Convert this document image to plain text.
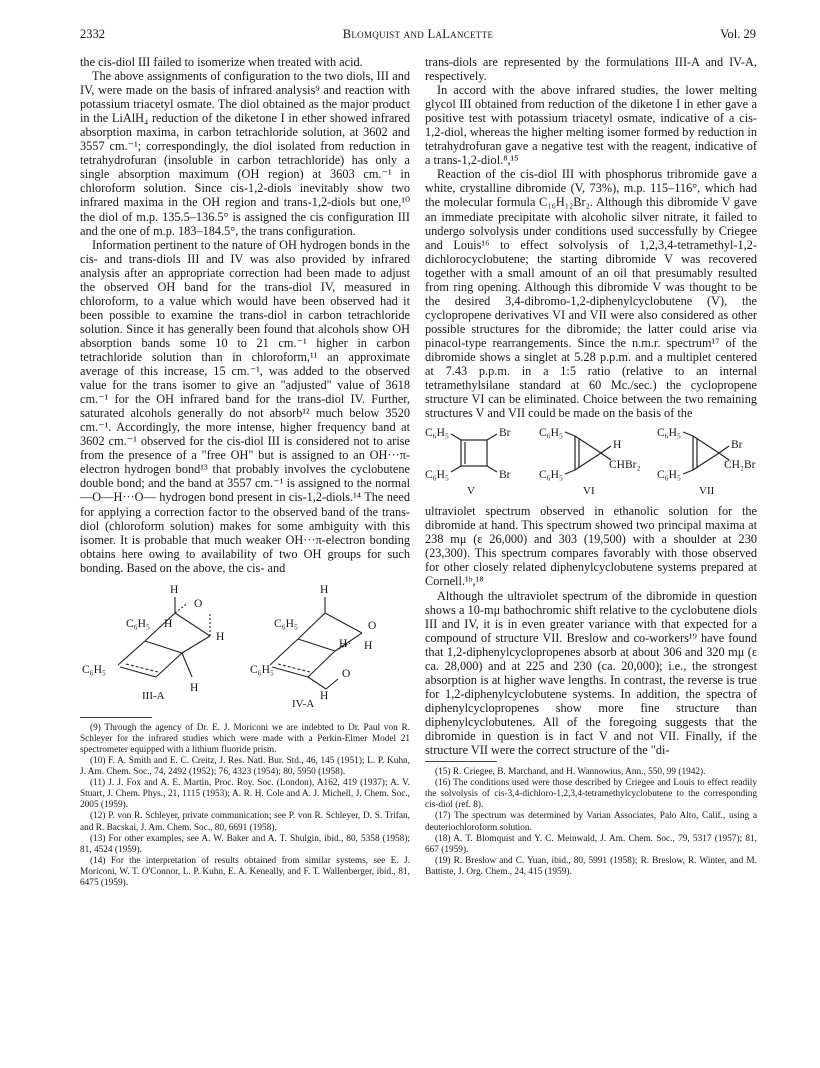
2332	Blomquist and LaLancette	Vol. 29

the cis-diol III failed to isomerize when treated with acid.

The above assignments of configuration to the two diols, III and IV, were made on the basis of infrared analysis⁹ and reaction with potassium triacetyl osmate. The diol obtained as the major product in the LiAlH₄ reduction of the diketone I in ether showed infrared absorption maxima, in carbon tetrachloride solution, at 3602 and 3557 cm.⁻¹; correspondingly, the diol isolated from reduction in tetrahydrofuran (insoluble in carbon tetrachloride) has only a single absorption maximum (OH region) at 3603 cm.⁻¹ in chloroform solution. Since cis-1,2-diols inevitably show two infrared maxima in the OH region and trans-1,2-diols but one,¹⁰ the diol of m.p. 135.5–136.5° is assigned the cis configuration III and the one of m.p. 183–184.5°, the trans configuration.

Information pertinent to the nature of OH hydrogen bonds in the cis- and trans-diols III and IV was also provided by infrared analysis after an appropriate correction had been made to adjust the observed OH band for the trans-diol IV, measured in chloroform, to a value which would have been observed had it been possible to examine the trans-diol in carbon tetrachloride solution. Since it has generally been found that alcohols show OH absorption bands some 10 to 21 cm.⁻¹ higher in carbon tetrachloride solution than in chloroform,¹¹ an approximate average of this increase, 15 cm.⁻¹, was added to the observed value for the trans isomer to give an "adjusted" value of 3618 cm.⁻¹ for the OH infrared band for the trans-diol IV. Further, saturated alcohols generally do not absorb¹² much below 3520 cm.⁻¹. Accordingly, the more intense, higher frequency band at 3602 cm.⁻¹ observed for the cis-diol III is considered not to arise from the presence of a "free OH" but is assigned to an OH···π-electron hydrogen bond¹³ that probably involves the cyclobutene double bond; and the band at 3557 cm.⁻¹ is assigned to the normal —O—H···O— hydrogen bond present in cis-1,2-diols.¹⁴ The need for applying a correction factor to the observed band of the trans-diol (chloroform solution) makes for some ambiguity with this isomer. It is probable that much weaker OH···π-electron bonding obtains here owing to availability of two OH groups for such bonding. Based on the above, the cis- and

H
C₆H₅ H
O
H
C₆H₅
H
III-A
H
C₆H₅	O
H H
C₆H₅	O
H
IV-A

(9) Through the agency of Dr. E. J. Moriconi we are indebted to Dr. Paul von R. Schleyer for the infrared studies which were made with a Perkin-Elmer Model 21 spectrometer equipped with a lithium fluoride prism.

(10) F. A. Smith and E. C. Creitz, J. Res. Natl. Bur. Std., 46, 145 (1951); L. P. Kuhn, J. Am. Chem. Soc., 74, 2492 (1952); 76, 4323 (1954); 80, 5950 (1958).

(11) J. J. Fox and A. E. Martin, Proc. Roy. Soc. (London), A162, 419 (1937); A. V. Stuart, J. Chem. Phys., 21, 1115 (1953); A. R. H. Cole and A. J. Michell, J. Chem. Soc., 2005 (1959).

(12) P. von R. Schleyer, private communication; see P. von R. Schleyer, D. S. Trifan, and R. Bacskai, J. Am. Chem. Soc., 80, 6691 (1958).

(13) For other examples, see A. W. Baker and A. T. Shulgin, ibid., 80, 5358 (1958); 81, 4524 (1959).

(14) For the interpretation of results obtained from similar systems, see E. J. Moriconi, W. T. O'Connor, L. P. Kuhn, E. A. Keneally, and F. T. Wallenberger, ibid., 81, 6475 (1959).

trans-diols are represented by the formulations III-A and IV-A, respectively.

In accord with the above infrared studies, the lower melting glycol III obtained from reduction of the diketone I in ether gave a positive test with potassium triacetyl osmate, indicative of a cis-1,2-diol, whereas the higher melting isomer formed by reduction in tetrahydrofuran gave a negative test with the reagent, indicative of a trans-1,2-diol.⁸,¹⁵

Reaction of the cis-diol III with phosphorus tribromide gave a white, crystalline dibromide (V, 73%), m.p. 115–116°, which had the molecular formula C₁₆H₁₂Br₂. Although this dibromide V gave an immediate precipitate with alcoholic silver nitrate, it failed to undergo solvolysis under conditions used successfully by Criegee and Louis¹⁶ to effect solvolysis of 1,2,3,4-tetramethyl-1,2-dichlorocyclobutene; the starting dibromide V was recovered together with a small amount of an oil that presumably resulted from ring opening. Although this dibromide V was thought to be the desired 3,4-dibromo-1,2-diphenylcyclobutene (V), the cyclopropene derivatives VI and VII were also considered as other possible structures for the dibromide; the latter could arise via pinacol-type rearrangements. Since the n.m.r. spectrum¹⁷ of the dibromide shows a singlet at 5.28 p.p.m. and a multiplet centered at 7.43 p.p.m. in a 1:5 ratio (relative to an internal tetramethylsilane standard at 60 Mc./sec.) the cyclopropene structure VI can be eliminated. Choice between the two remaining structures V and VII could be made on the basis of the

C₆H₅
C₆H₅
Br
Br
V
C₆H₅
C₆H₅
H
CHBr₂
VI
C₆H₅
C₆H₅
Br
CH₂Br
VII

ultraviolet spectrum observed in ethanolic solution for the dibromide at hand. This spectrum showed two principal maxima at 238 mμ (ε 26,000) and 303 (19,500) with a shoulder at 230 (23,300). This spectrum compares favorably with those observed for other closely related diphenylcyclobutene systems prepared at Cornell.¹ᵇ,¹⁸

Although the ultraviolet spectrum of the dibromide in question shows a 10-mμ bathochromic shift relative to the cyclobutene diols III and IV, it is in even greater variance with that expected for a compound of structure VII. Breslow and co-workers¹⁹ have found that 1,2-diphenylcyclopropenes absorb at about 306 and 320 mμ (ε ca. 28,000) and at 225 and 230 (ca. 20,000); i.e., the strongest absorption is at higher wave lengths. In contrast, the reverse is true for 1,2-diphenylcyclobutene systems. In addition, the spectra of diphenylcyclopropenes show more fine structure than diphenylcyclobutenes. All of the foregoing suggests that the dibromide in question is in fact V and not VII. Finally, if the structure VII were the correct structure of the "di-

(15) R. Criegee, B. Marchand, and H. Wannowius, Ann., 550, 99 (1942).

(16) The conditions used were those described by Criegee and Louis to effect readily the solvolysis of cis-3,4-dichloro-1,2,3,4-tetramethylcyclobutene to the corresponding cis-diol (ref. 8).

(17) The spectrum was determined by Varian Associates, Palo Alto, Calif., using a deuteriochloroform solution.

(18) A. T. Blomquist and Y. C. Meinwald, J. Am. Chem. Soc., 79, 5317 (1957); 81, 667 (1959).

(19) R. Breslow and C. Yuan, ibid., 80, 5991 (1958); R. Breslow, R. Winter, and M. Battiste, J. Org. Chem., 24, 415 (1959).
